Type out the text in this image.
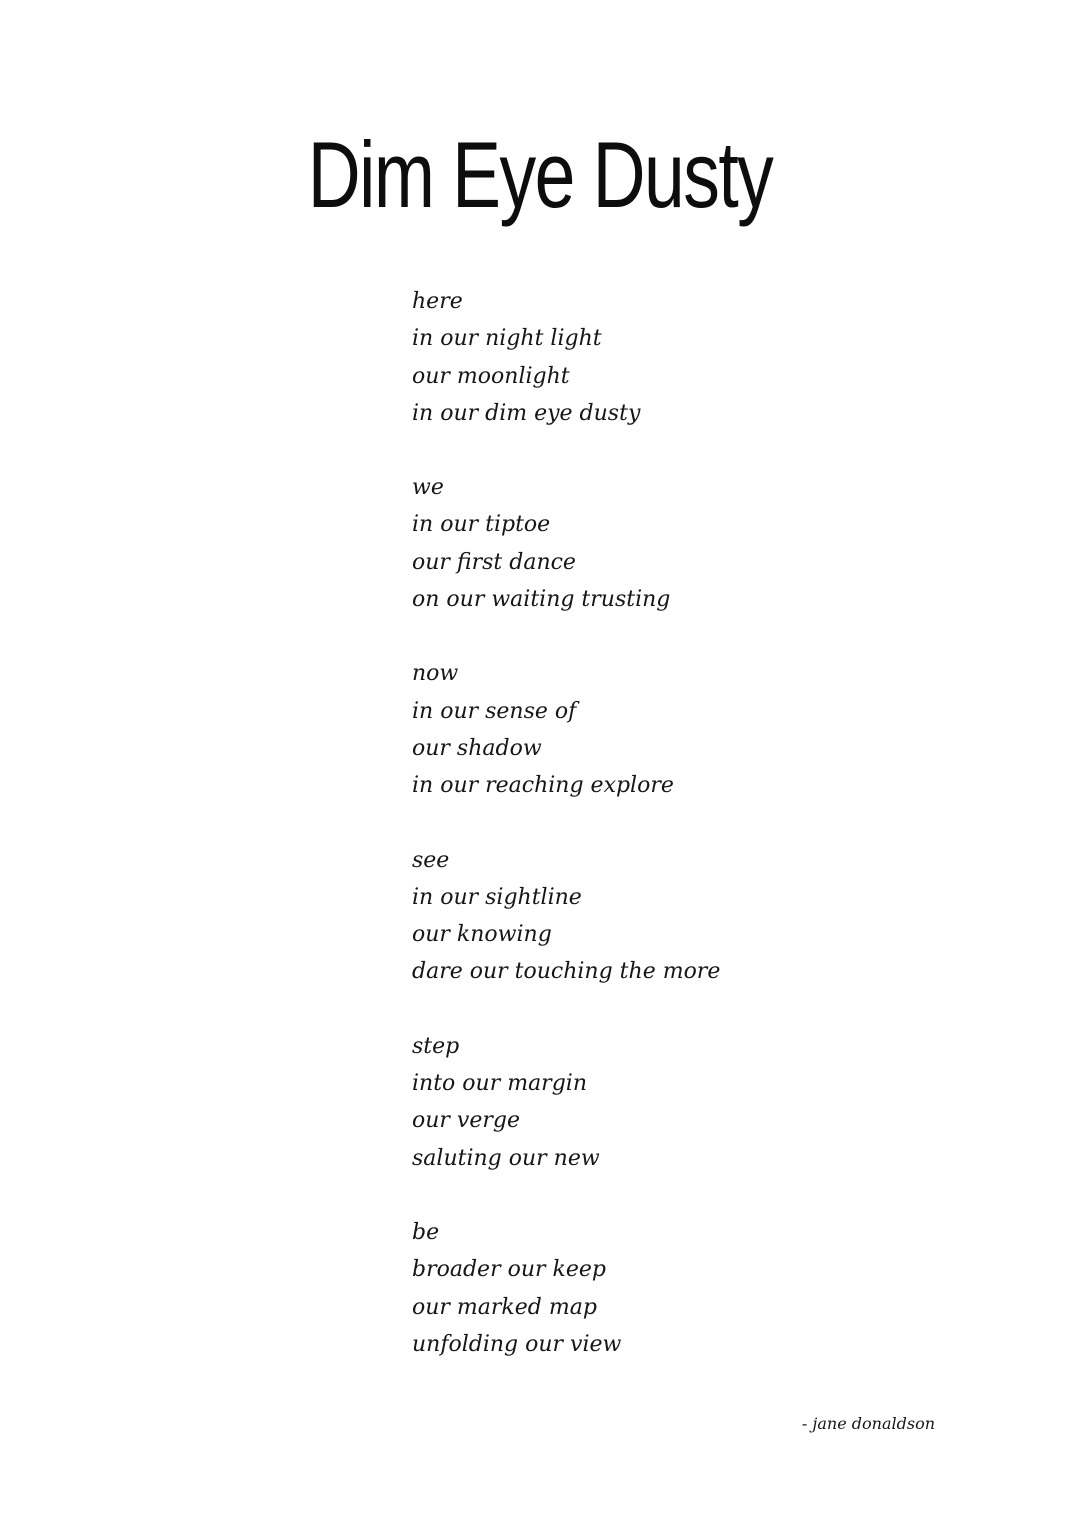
Dim Eye Dusty
here
in our night light
our moonlight
in our dim eye dusty
we
in our tiptoe
our first dance
on our waiting trusting
now
in our sense of
our shadow
in our reaching explore
see
in our sightline
our knowing
dare our touching the more
step
into our margin
our verge
saluting our new
be
broader our keep
our marked map
unfolding our view
- jane donaldson
